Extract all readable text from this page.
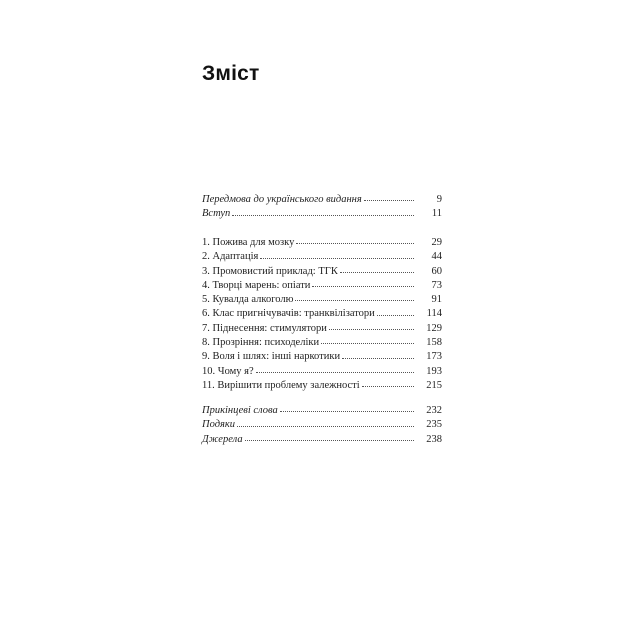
Зміст
Передмова до українського видання	9
Вступ	11
1. Пожива для мозку	29
2. Адаптація	44
3. Промовистий приклад: ТГК	60
4. Творці марень: опіати	73
5. Кувалда алкоголю	91
6. Клас пригнічувачів: транквілізатори	114
7. Піднесення: стимулятори	129
8. Прозріння: психоделіки	158
9. Воля і шлях: інші наркотики	173
10. Чому я?	193
11. Вирішити проблему залежності	215
Прикінцеві слова	232
Подяки	235
Джерела	238
